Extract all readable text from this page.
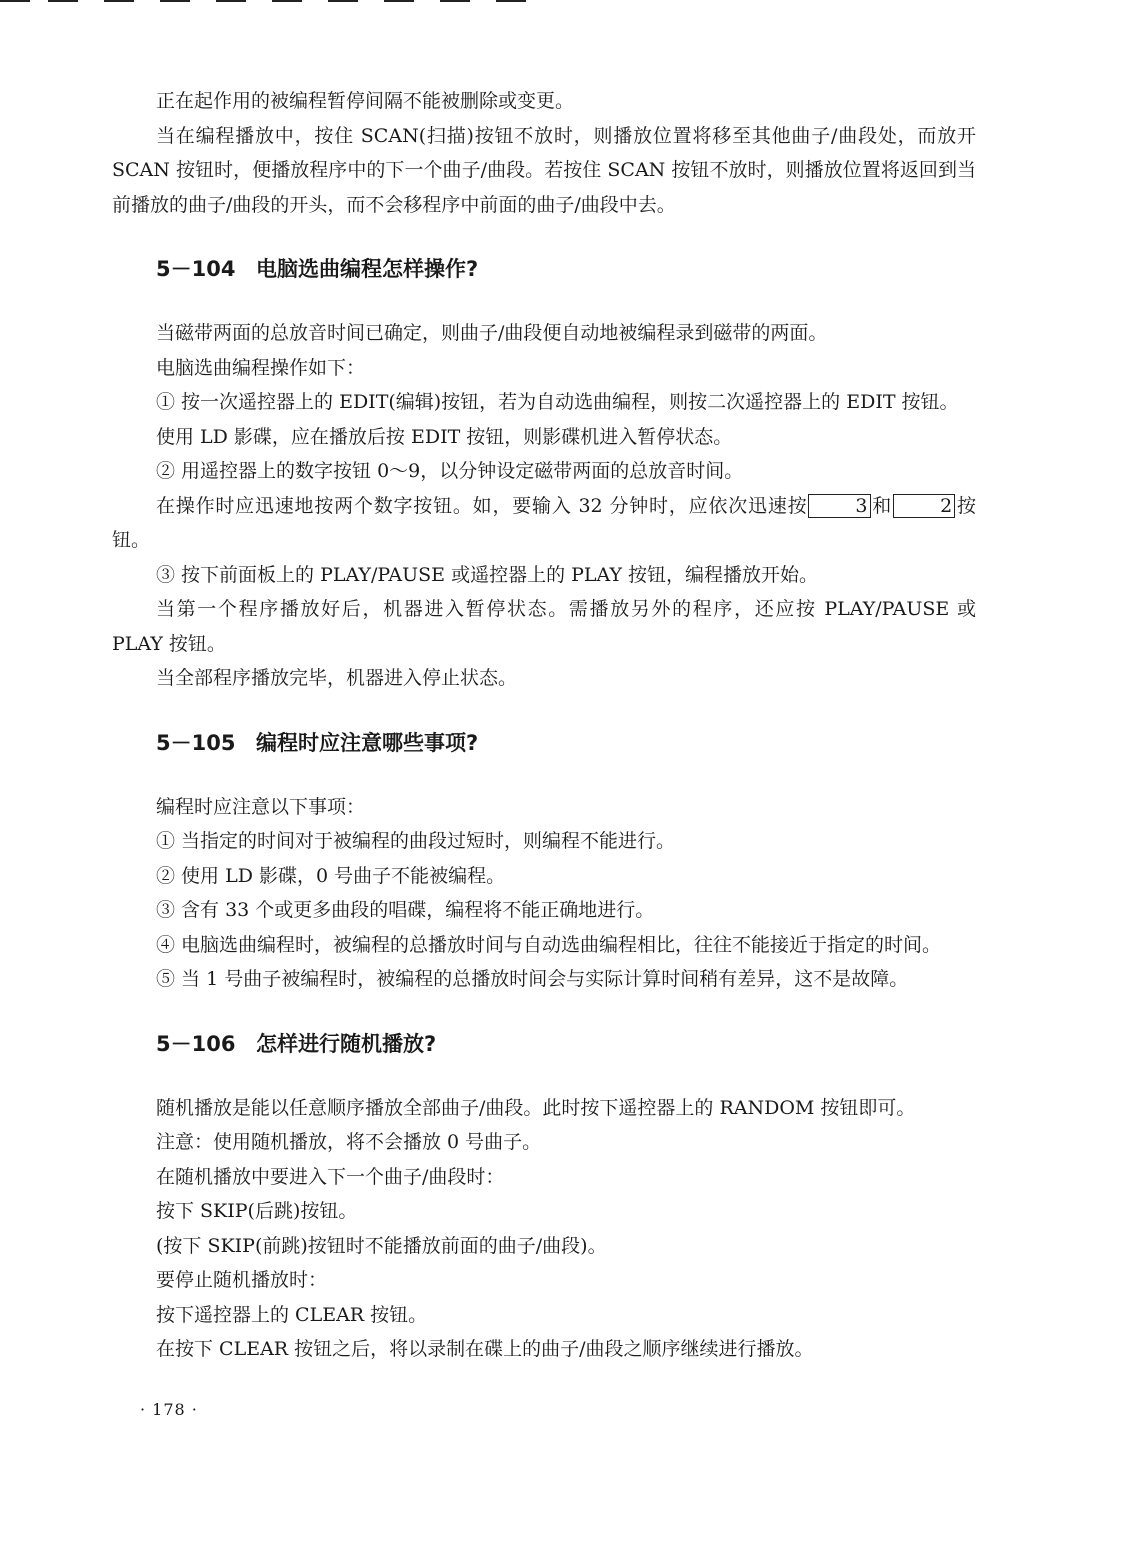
正在起作用的被编程暂停间隔不能被删除或变更。

当在编程播放中，按住 SCAN(扫描)按钮不放时，则播放位置将移至其他曲子/曲段处，而放开 SCAN 按钮时，便播放程序中的下一个曲子/曲段。若按住 SCAN 按钮不放时，则播放位置将返回到当前播放的曲子/曲段的开头，而不会移程序中前面的曲子/曲段中去。

5－104 电脑选曲编程怎样操作?

当磁带两面的总放音时间已确定，则曲子/曲段便自动地被编程录到磁带的两面。

电脑选曲编程操作如下：

① 按一次遥控器上的 EDIT(编辑)按钮，若为自动选曲编程，则按二次遥控器上的 EDIT 按钮。

使用 LD 影碟，应在播放后按 EDIT 按钮，则影碟机进入暂停状态。

② 用遥控器上的数字按钮 0～9，以分钟设定磁带两面的总放音时间。

在操作时应迅速地按两个数字按钮。如，要输入 32 分钟时，应依次迅速按	3 和	2 按钮。

③ 按下前面板上的 PLAY/PAUSE 或遥控器上的 PLAY 按钮，编程播放开始。

当第一个程序播放好后，机器进入暂停状态。需播放另外的程序，还应按 PLAY/PAUSE 或 PLAY 按钮。

当全部程序播放完毕，机器进入停止状态。

5－105 编程时应注意哪些事项?

编程时应注意以下事项：

① 当指定的时间对于被编程的曲段过短时，则编程不能进行。

② 使用 LD 影碟，0 号曲子不能被编程。

③ 含有 33 个或更多曲段的唱碟，编程将不能正确地进行。

④ 电脑选曲编程时，被编程的总播放时间与自动选曲编程相比，往往不能接近于指定的时间。

⑤ 当 1 号曲子被编程时，被编程的总播放时间会与实际计算时间稍有差异，这不是故障。

5－106 怎样进行随机播放?

随机播放是能以任意顺序播放全部曲子/曲段。此时按下遥控器上的 RANDOM 按钮即可。

注意：使用随机播放，将不会播放 0 号曲子。

在随机播放中要进入下一个曲子/曲段时：

按下 SKIP(后跳)按钮。

(按下 SKIP(前跳)按钮时不能播放前面的曲子/曲段)。

要停止随机播放时：

按下遥控器上的 CLEAR 按钮。

在按下 CLEAR 按钮之后，将以录制在碟上的曲子/曲段之顺序继续进行播放。

· 178 ·
